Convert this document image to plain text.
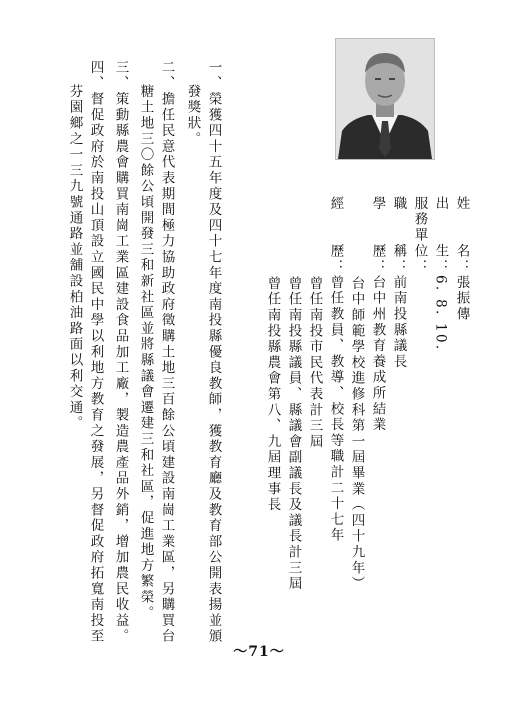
姓　　名：張振傳
出　　生：6. 8. 10.
服務單位：
職　　稱：前南投縣議長
學　　歷：台中州教育養成所結業
台中師範學校進修科第一屆畢業（四十九年）
經　　歷：曾任教員、教導、校長等職計二十七年
曾任南投市民代表計三屆
曾任南投縣議員、縣議會副議長及議長計三屆
曾任南投縣農會第八、九屆理事長
一、榮獲四十五年度及四十七年度南投縣優良教師，獲教育廳及教育部公開表揚並頒
發獎狀。
二、擔任民意代表期間極力協助政府徵購土地三百餘公頃建設南崗工業區，另購買台
糖土地三〇餘公頃開發三和新社區並將縣議會遷建三和社區，促進地方繁榮。
三、策動縣農會購買南崗工業區建設食品加工廠，製造農產品外銷，增加農民收益。
四、督促政府於南投山頂設立國民中學以利地方教育之發展，另督促政府拓寬南投至
芬園鄉之一三九號通路並舖設柏油路面以利交通。
～71～
